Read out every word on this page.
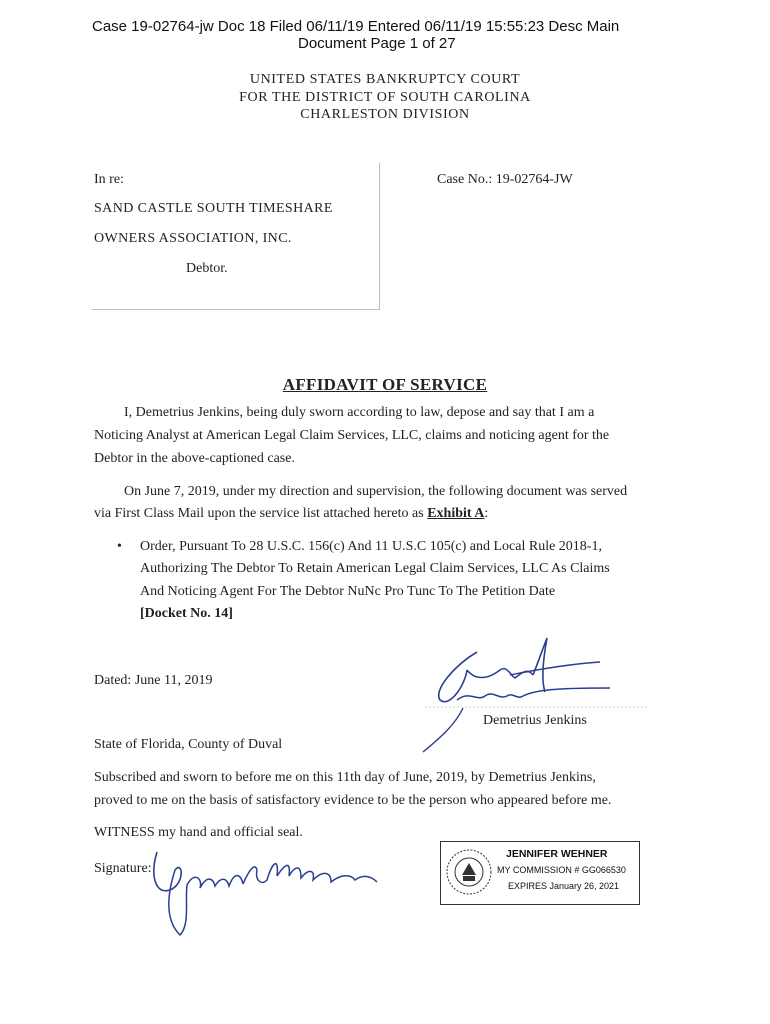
Case 19-02764-jw Doc 18 Filed 06/11/19 Entered 06/11/19 15:55:23 Desc Main
Document Page 1 of 27
UNITED STATES BANKRUPTCY COURT
FOR THE DISTRICT OF SOUTH CAROLINA
CHARLESTON DIVISION
In re:
SAND CASTLE SOUTH TIMESHARE
OWNERS ASSOCIATION, INC.
Debtor.
Case No.: 19-02764-JW
AFFIDAVIT OF SERVICE
I, Demetrius Jenkins, being duly sworn according to law, depose and say that I am a
Noticing Analyst at American Legal Claim Services, LLC, claims and noticing agent for the
Debtor in the above-captioned case.
On June 7, 2019, under my direction and supervision, the following document was served
via First Class Mail upon the service list attached hereto as Exhibit A:
• Order, Pursuant To 28 U.S.C. 156(c) And 11 U.S.C 105(c) and Local Rule 2018-1,
Authorizing The Debtor To Retain American Legal Claim Services, LLC As Claims
And Noticing Agent For The Debtor NuNc Pro Tunc To The Petition Date
[Docket No. 14]
Dated: June 11, 2019
Demetrius Jenkins
State of Florida, County of Duval
Subscribed and sworn to before me on this 11th day of June, 2019, by Demetrius Jenkins,
proved to me on the basis of satisfactory evidence to be the person who appeared before me.
WITNESS my hand and official seal.
Signature:
JENNIFER WEHNER
MY COMMISSION # GG066530
EXPIRES January 26, 2021
